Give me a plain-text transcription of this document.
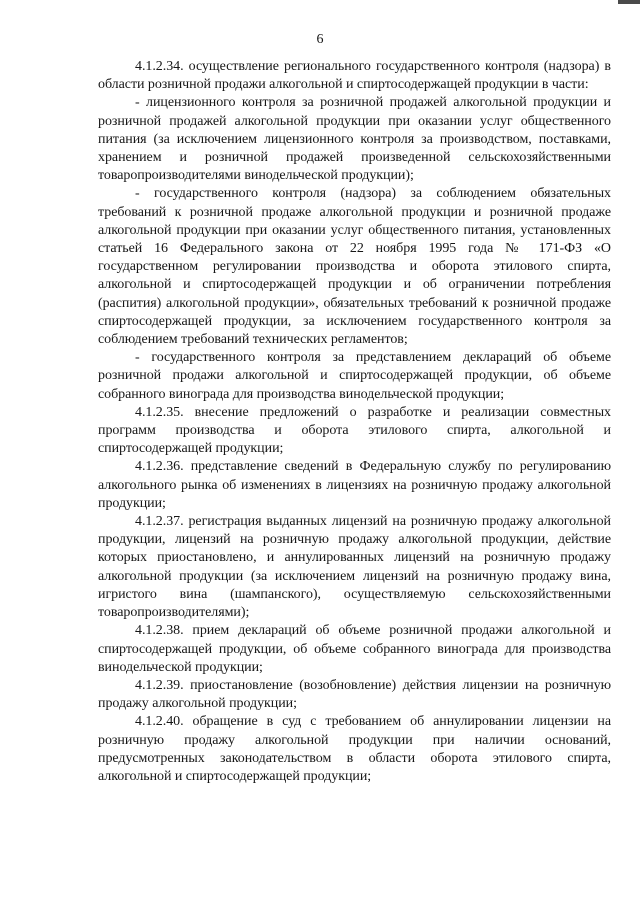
6

4.1.2.34. осуществление регионального государственного контроля (надзора) в области розничной продажи алкогольной и спиртосодержащей продукции в части:

- лицензионного контроля за розничной продажей алкогольной продукции и розничной продажей алкогольной продукции при оказании услуг общественного питания (за исключением лицензионного контроля за производством, поставками, хранением и розничной продажей произведенной сельскохозяйственными товаропроизводителями винодельческой продукции);

- государственного контроля (надзора) за соблюдением обязательных требований к розничной продаже алкогольной продукции и розничной продаже алкогольной продукции при оказании услуг общественного питания, установленных статьей 16 Федерального закона от 22 ноября 1995 года № 171-ФЗ «О государственном регулировании производства и оборота этилового спирта, алкогольной и спиртосодержащей продукции и об ограничении потребления (распития) алкогольной продукции», обязательных требований к розничной продаже спиртосодержащей продукции, за исключением государственного контроля за соблюдением требований технических регламентов;

- государственного контроля за представлением деклараций об объеме розничной продажи алкогольной и спиртосодержащей продукции, об объеме собранного винограда для производства винодельческой продукции;

4.1.2.35. внесение предложений о разработке и реализации совместных программ производства и оборота этилового спирта, алкогольной и спиртосодержащей продукции;

4.1.2.36. представление сведений в Федеральную службу по регулированию алкогольного рынка об изменениях в лицензиях на розничную продажу алкогольной продукции;

4.1.2.37. регистрация выданных лицензий на розничную продажу алкогольной продукции, лицензий на розничную продажу алкогольной продукции, действие которых приостановлено, и аннулированных лицензий на розничную продажу алкогольной продукции (за исключением лицензий на розничную продажу вина, игристого вина (шампанского), осуществляемую сельскохозяйственными товаропроизводителями);

4.1.2.38. прием деклараций об объеме розничной продажи алкогольной и спиртосодержащей продукции, об объеме собранного винограда для производства винодельческой продукции;

4.1.2.39. приостановление (возобновление) действия лицензии на розничную продажу алкогольной продукции;

4.1.2.40. обращение в суд с требованием об аннулировании лицензии на розничную продажу алкогольной продукции при наличии оснований, предусмотренных законодательством в области оборота этилового спирта, алкогольной и спиртосодержащей продукции;
